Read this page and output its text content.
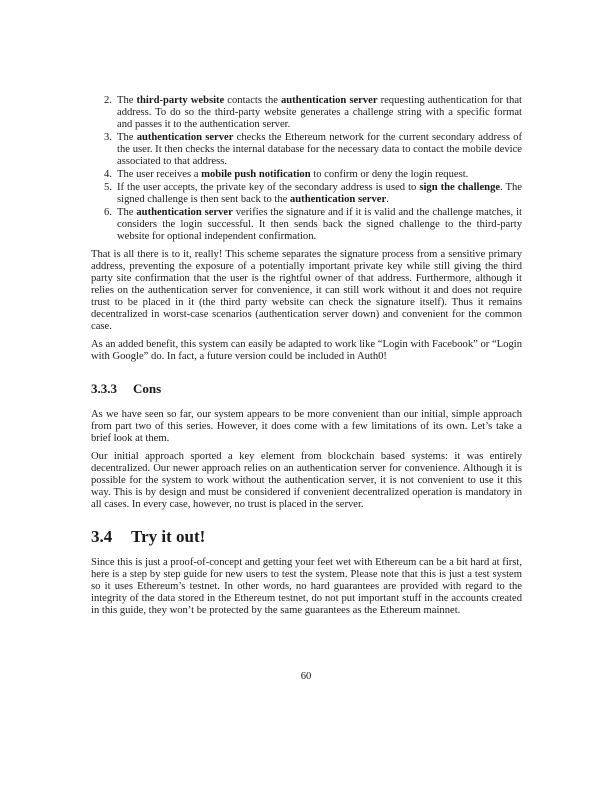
2. The third-party website contacts the authentication server requesting authentication for that address. To do so the third-party website generates a challenge string with a specific format and passes it to the authentication server.
3. The authentication server checks the Ethereum network for the current secondary address of the user. It then checks the internal database for the necessary data to contact the mobile device associated to that address.
4. The user receives a mobile push notification to confirm or deny the login request.
5. If the user accepts, the private key of the secondary address is used to sign the challenge. The signed challenge is then sent back to the authentication server.
6. The authentication server verifies the signature and if it is valid and the challenge matches, it considers the login successful. It then sends back the signed challenge to the third-party website for optional independent confirmation.

That is all there is to it, really! This scheme separates the signature process from a sensitive primary address, preventing the exposure of a potentially important private key while still giving the third party site confirmation that the user is the rightful owner of that address. Furthermore, although it relies on the authentication server for convenience, it can still work without it and does not require trust to be placed in it (the third party website can check the signature itself). Thus it remains decentralized in worst-case scenarios (authentication server down) and convenient for the common case.

As an added benefit, this system can easily be adapted to work like “Login with Facebook” or “Login with Google” do. In fact, a future version could be included in Auth0!

3.3.3 Cons

As we have seen so far, our system appears to be more convenient than our initial, simple approach from part two of this series. However, it does come with a few limitations of its own. Let’s take a brief look at them.

Our initial approach sported a key element from blockchain based systems: it was entirely decentralized. Our newer approach relies on an authentication server for convenience. Although it is possible for the system to work without the authentication server, it is not convenient to use it this way. This is by design and must be considered if convenient decentralized operation is mandatory in all cases. In every case, however, no trust is placed in the server.

3.4 Try it out!

Since this is just a proof-of-concept and getting your feet wet with Ethereum can be a bit hard at first, here is a step by step guide for new users to test the system. Please note that this is just a test system so it uses Ethereum’s testnet. In other words, no hard guarantees are provided with regard to the integrity of the data stored in the Ethereum testnet, do not put important stuff in the accounts created in this guide, they won’t be protected by the same guarantees as the Ethereum mainnet.

60
